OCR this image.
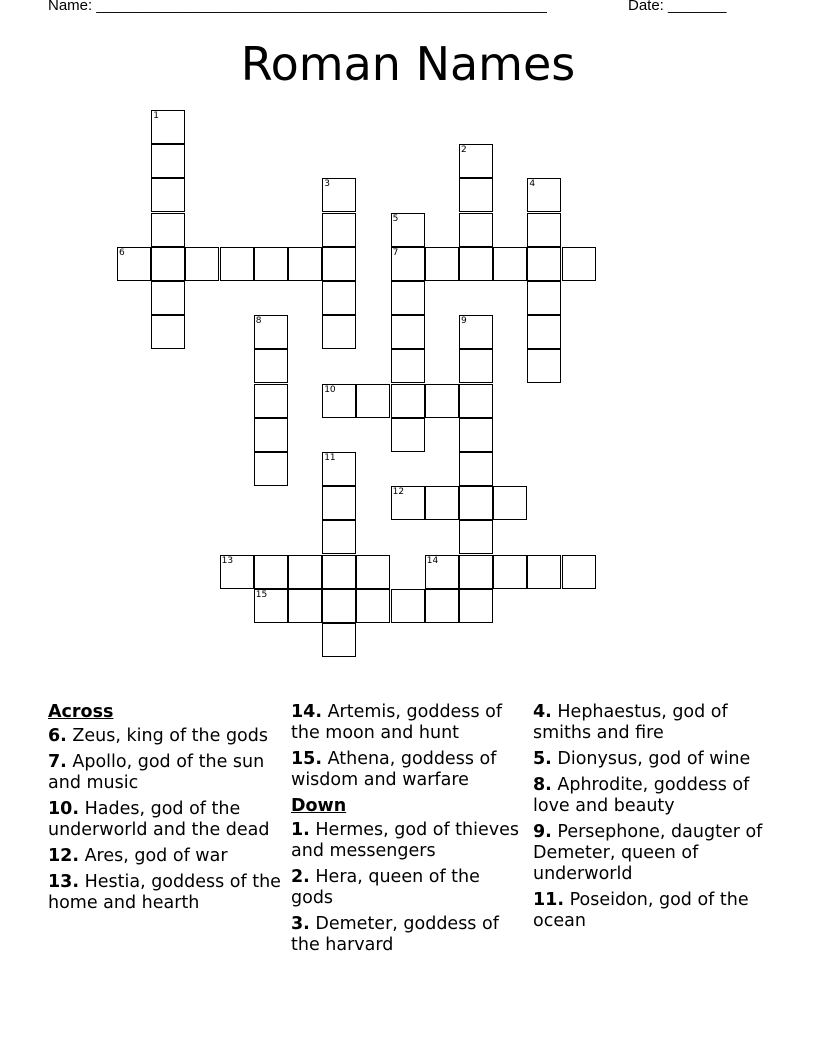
Name: ______________________________________________________	Date: _______
Roman Names
1
2
3	4
5
7
6
8	9
10
11
12
13	14
15
Across
6. Zeus, king of the gods
7. Apollo, god of the sun and music
10. Hades, god of the underworld and the dead
12. Ares, god of war
13. Hestia, goddess of the home and hearth
14. Artemis, goddess of the moon and hunt
15. Athena, goddess of wisdom and warfare
Down
1. Hermes, god of thieves and messengers
2. Hera, queen of the gods
3. Demeter, goddess of the harvard
4. Hephaestus, god of smiths and fire
5. Dionysus, god of wine
8. Aphrodite, goddess of love and beauty
9. Persephone, daugter of Demeter, queen of underworld
11. Poseidon, god of the ocean
